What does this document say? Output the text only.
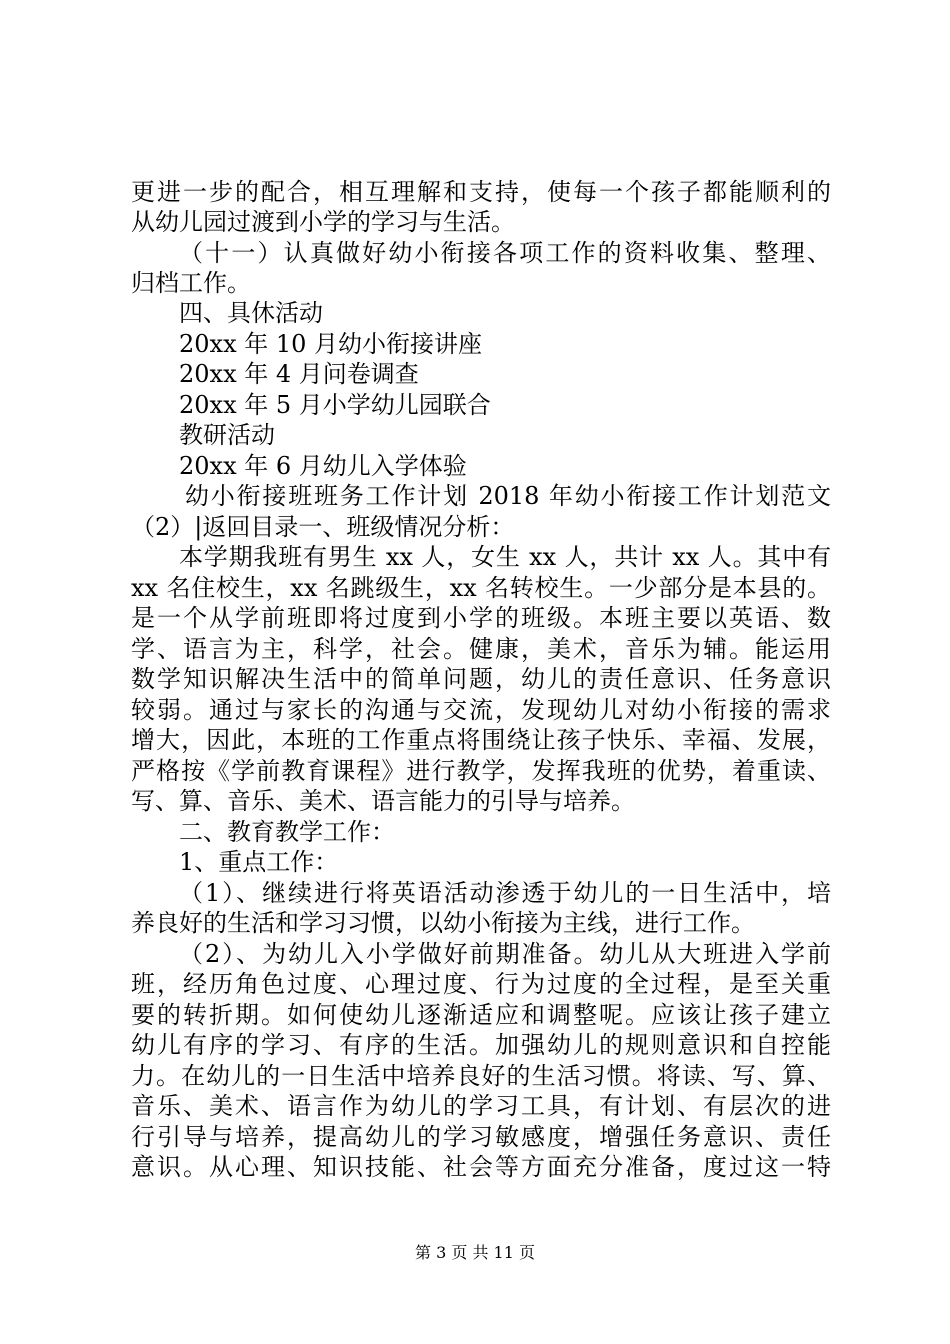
更进一步的配合，相互理解和支持，使每一个孩子都能顺利的
从幼儿园过渡到小学的学习与生活。
（十一）认真做好幼小衔接各项工作的资料收集、整理、
归档工作。
四、具休活动
20xx 年 10 月幼小衔接讲座
20xx 年 4 月问卷调查
20xx 年 5 月小学幼儿园联合
教研活动
20xx 年 6 月幼儿入学体验
幼小衔接班班务工作计划 2018 年幼小衔接工作计划范文
（2）|返回目录一、班级情况分析：
本学期我班有男生 xx 人，女生 xx 人，共计 xx 人。其中有
xx 名住校生，xx 名跳级生，xx 名转校生。一少部分是本县的。
是一个从学前班即将过度到小学的班级。本班主要以英语、数
学、语言为主，科学，社会。健康，美术，音乐为辅。能运用
数学知识解决生活中的简单问题，幼儿的责任意识、任务意识
较弱。通过与家长的沟通与交流，发现幼儿对幼小衔接的需求
增大，因此，本班的工作重点将围绕让孩子快乐、幸福、发展，
严格按《学前教育课程》进行教学，发挥我班的优势，着重读、
写、算、音乐、美术、语言能力的引导与培养。
二、教育教学工作：
1、重点工作：
（1）、继续进行将英语活动渗透于幼儿的一日生活中，培
养良好的生活和学习习惯，以幼小衔接为主线，进行工作。
（2）、为幼儿入小学做好前期准备。幼儿从大班进入学前
班，经历角色过度、心理过度、行为过度的全过程，是至关重
要的转折期。如何使幼儿逐渐适应和调整呢。应该让孩子建立
幼儿有序的学习、有序的生活。加强幼儿的规则意识和自控能
力。在幼儿的一日生活中培养良好的生活习惯。将读、写、算、
音乐、美术、语言作为幼儿的学习工具，有计划、有层次的进
行引导与培养，提高幼儿的学习敏感度，增强任务意识、责任
意识。从心理、知识技能、社会等方面充分准备，度过这一特
第 3 页 共 11 页
